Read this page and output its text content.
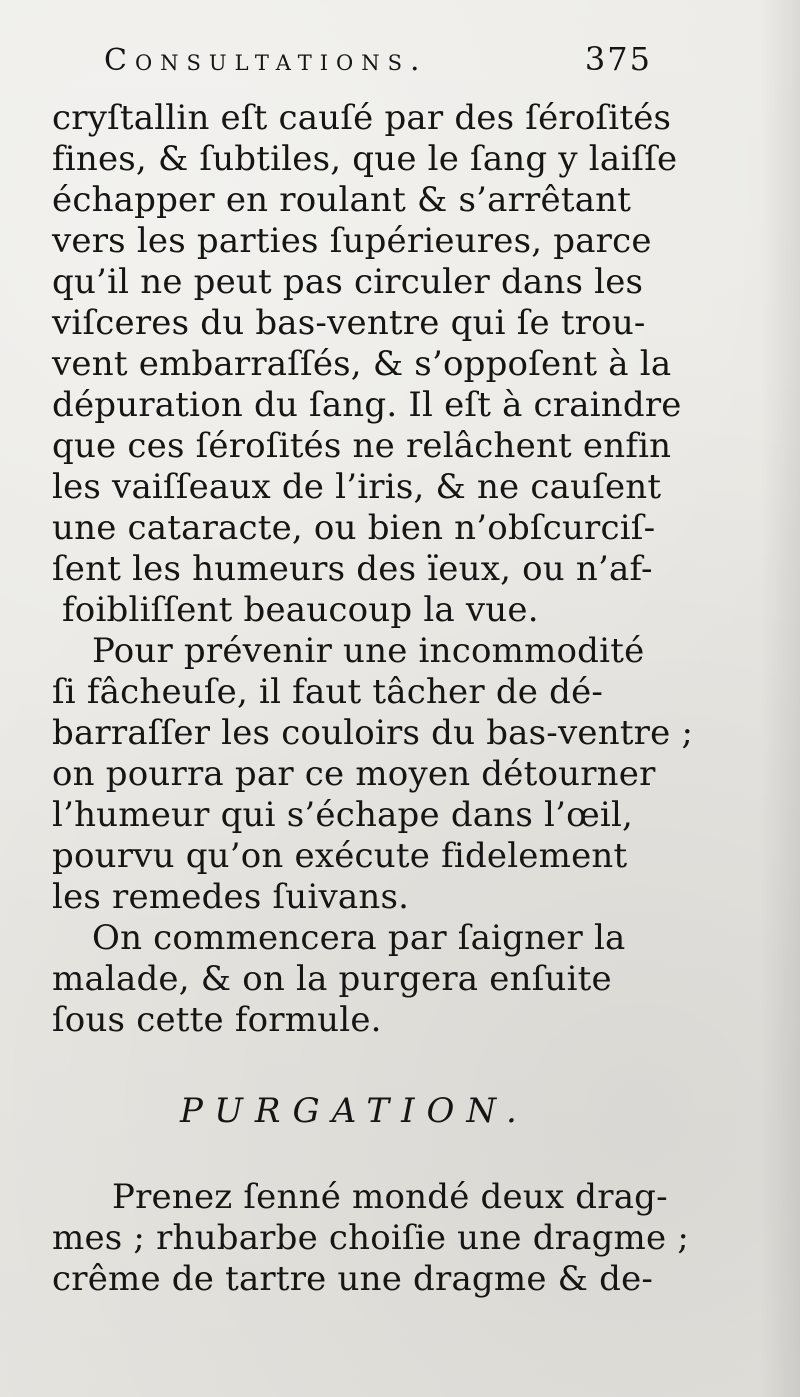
Consultations.	375
cryſtallin eſt cauſé par des ſéroſités
fines, & ſubtiles, que le ſang y laiſſe
échapper en roulant & s’arrêtant
vers les parties ſupérieures, parce
qu’il ne peut pas circuler dans les
viſceres du bas-ventre qui ſe trou-
vent embarraſſés, & s’oppoſent à la
dépuration du ſang. Il eſt à craindre
que ces ſéroſités ne relâchent enfin
les vaiſſeaux de l’iris, & ne cauſent
une cataracte, ou bien n’obſcurciſ-
ſent les humeurs des ïeux, ou n’af-
foibliſſent beaucoup la vue.
Pour prévenir une incommodité
ſi fâcheuſe, il faut tâcher de dé-
barraſſer les couloirs du bas-ventre ;
on pourra par ce moyen détourner
l’humeur qui s’échape dans l’œil,
pourvu qu’on exécute fidelement
les remedes ſuivans.
On commencera par ſaigner la
malade, & on la purgera enſuite
ſous cette formule.
PURGATION.
Prenez ſenné mondé deux drag-
mes ; rhubarbe choiſie une dragme ;
crême de tartre une dragme & de-
